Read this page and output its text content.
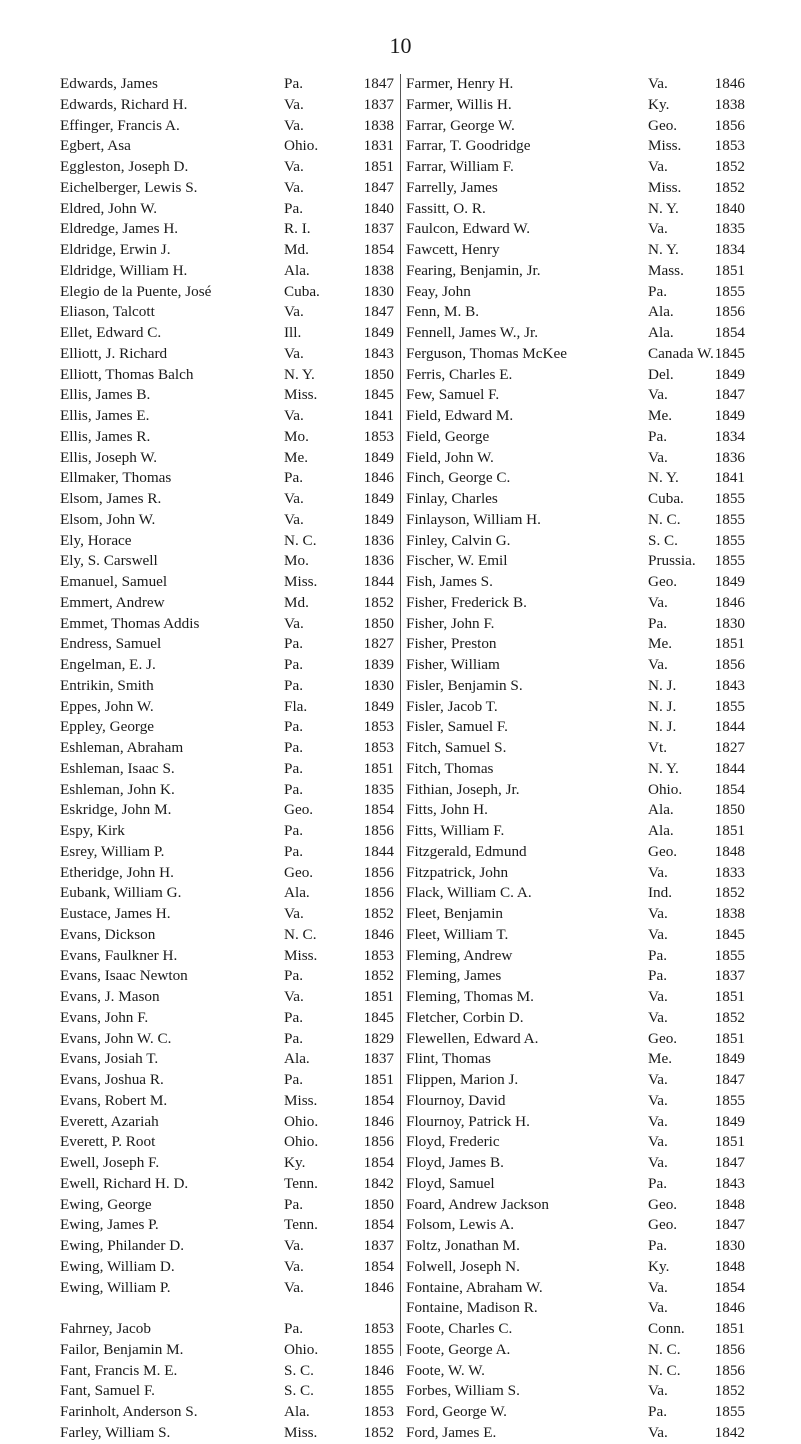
10
Edwards, James	Pa.	1847
Edwards, Richard H.	Va.	1837
Effinger, Francis A.	Va.	1838
Egbert, Asa	Ohio.	1831
Eggleston, Joseph D.	Va.	1851
Eichelberger, Lewis S.	Va.	1847
Eldred, John W.	Pa.	1840
Eldredge, James H.	R. I.	1837
Eldridge, Erwin J.	Md.	1854
Eldridge, William H.	Ala.	1838
Elegio de la Puente, José	Cuba.	1830
Eliason, Talcott	Va.	1847
Ellet, Edward C.	Ill.	1849
Elliott, J. Richard	Va.	1843
Elliott, Thomas Balch	N. Y.	1850
Ellis, James B.	Miss.	1845
Ellis, James E.	Va.	1841
Ellis, James R.	Mo.	1853
Ellis, Joseph W.	Me.	1849
Ellmaker, Thomas	Pa.	1846
Elsom, James R.	Va.	1849
Elsom, John W.	Va.	1849
Ely, Horace	N. C.	1836
Ely, S. Carswell	Mo.	1836
Emanuel, Samuel	Miss.	1844
Emmert, Andrew	Md.	1852
Emmet, Thomas Addis	Va.	1850
Endress, Samuel	Pa.	1827
Engelman, E. J.	Pa.	1839
Entrikin, Smith	Pa.	1830
Eppes, John W.	Fla.	1849
Eppley, George	Pa.	1853
Eshleman, Abraham	Pa.	1853
Eshleman, Isaac S.	Pa.	1851
Eshleman, John K.	Pa.	1835
Eskridge, John M.	Geo.	1854
Espy, Kirk	Pa.	1856
Esrey, William P.	Pa.	1844
Etheridge, John H.	Geo.	1856
Eubank, William G.	Ala.	1856
Eustace, James H.	Va.	1852
Evans, Dickson	N. C.	1846
Evans, Faulkner H.	Miss.	1853
Evans, Isaac Newton	Pa.	1852
Evans, J. Mason	Va.	1851
Evans, John F.	Pa.	1845
Evans, John W. C.	Pa.	1829
Evans, Josiah T.	Ala.	1837
Evans, Joshua R.	Pa.	1851
Evans, Robert M.	Miss.	1854
Everett, Azariah	Ohio.	1846
Everett, P. Root	Ohio.	1856
Ewell, Joseph F.	Ky.	1854
Ewell, Richard H. D.	Tenn.	1842
Ewing, George	Pa.	1850
Ewing, James P.	Tenn.	1854
Ewing, Philander D.	Va.	1837
Ewing, William D.	Va.	1854
Ewing, William P.	Va.	1846
Fahrney, Jacob	Pa.	1853
Failor, Benjamin M.	Ohio.	1855
Fant, Francis M. E.	S. C.	1846
Fant, Samuel F.	S. C.	1855
Farinholt, Anderson S.	Ala.	1853
Farley, William S.	Miss.	1852
Farmer, Henry H.	Va.	1846
Farmer, Willis H.	Ky.	1838
Farrar, George W.	Geo.	1856
Farrar, T. Goodridge	Miss.	1853
Farrar, William F.	Va.	1852
Farrelly, James	Miss.	1852
Fassitt, O. R.	N. Y.	1840
Faulcon, Edward W.	Va.	1835
Fawcett, Henry	N. Y.	1834
Fearing, Benjamin, Jr.	Mass.	1851
Feay, John	Pa.	1855
Fenn, M. B.	Ala.	1856
Fennell, James W., Jr.	Ala.	1854
Ferguson, Thomas McKee	Canada W. 1845
Ferris, Charles E.	Del.	1849
Few, Samuel F.	Va.	1847
Field, Edward M.	Me.	1849
Field, George	Pa.	1834
Field, John W.	Va.	1836
Finch, George C.	N. Y.	1841
Finlay, Charles	Cuba.	1855
Finlayson, William H.	N. C.	1855
Finley, Calvin G.	S. C.	1855
Fischer, W. Emil	Prussia.	1855
Fish, James S.	Geo.	1849
Fisher, Frederick B.	Va.	1846
Fisher, John F.	Pa.	1830
Fisher, Preston	Me.	1851
Fisher, William	Va.	1856
Fisler, Benjamin S.	N. J.	1843
Fisler, Jacob T.	N. J.	1855
Fisler, Samuel F.	N. J.	1844
Fitch, Samuel S.	Vt.	1827
Fitch, Thomas	N. Y.	1844
Fithian, Joseph, Jr.	Ohio.	1854
Fitts, John H.	Ala.	1850
Fitts, William F.	Ala.	1851
Fitzgerald, Edmund	Geo.	1848
Fitzpatrick, John	Va.	1833
Flack, William C. A.	Ind.	1852
Fleet, Benjamin	Va.	1838
Fleet, William T.	Va.	1845
Fleming, Andrew	Pa.	1855
Fleming, James	Pa.	1837
Fleming, Thomas M.	Va.	1851
Fletcher, Corbin D.	Va.	1852
Flewellen, Edward A.	Geo.	1851
Flint, Thomas	Me.	1849
Flippen, Marion J.	Va.	1847
Flournoy, David	Va.	1855
Flournoy, Patrick H.	Va.	1849
Floyd, Frederic	Va.	1851
Floyd, James B.	Va.	1847
Floyd, Samuel	Pa.	1843
Foard, Andrew Jackson	Geo.	1848
Folsom, Lewis A.	Geo.	1847
Foltz, Jonathan M.	Pa.	1830
Folwell, Joseph N.	Ky.	1848
Fontaine, Abraham W.	Va.	1854
Fontaine, Madison R.	Va.	1846
Foote, Charles C.	Conn.	1851
Foote, George A.	N. C.	1856
Foote, W. W.	N. C.	1856
Forbes, William S.	Va.	1852
Ford, George W.	Pa.	1855
Ford, James E.	Va.	1842
